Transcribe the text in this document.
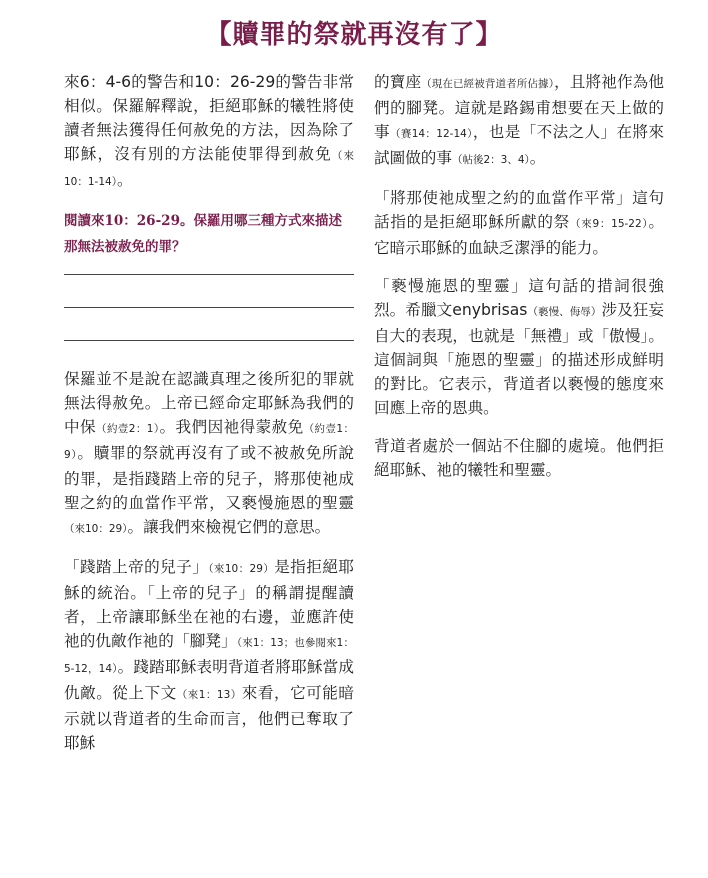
【贖罪的祭就再沒有了】

來6：4-6的警告和10：26-29的警告非常相似。保羅解釋說，拒絕耶穌的犧牲將使讀者無法獲得任何赦免的方法，因為除了耶穌，沒有別的方法能使罪得到赦免（來10：1-14）。

閱讀來10：26-29。保羅用哪三種方式來描述那無法被赦免的罪？

保羅並不是說在認識真理之後所犯的罪就無法得赦免。上帝已經命定耶穌為我們的中保（約壹2：1）。我們因祂得蒙赦免（約壹1：9）。贖罪的祭就再沒有了或不被赦免所說的罪，是指踐踏上帝的兒子，將那使祂成聖之約的血當作平常，又褻慢施恩的聖靈（來10：29）。讓我們來檢視它們的意思。

「踐踏上帝的兒子」（來10：29）是指拒絕耶穌的統治。「上帝的兒子」的稱謂提醒讀者，上帝讓耶穌坐在祂的右邊，並應許使祂的仇敵作祂的「腳凳」（來1：13；也參閱來1：5-12，14）。踐踏耶穌表明背道者將耶穌當成仇敵。從上下文（來1：13）來看，它可能暗示就以背道者的生命而言，他們已奪取了耶穌

的寶座（現在已經被背道者所佔據），且將祂作為他們的腳凳。這就是路錫甫想要在天上做的事（賽14：12-14），也是「不法之人」在將來試圖做的事（帖後2：3、4）。

「將那使祂成聖之約的血當作平常」這句話指的是拒絕耶穌所獻的祭（來9：15-22）。它暗示耶穌的血缺乏潔淨的能力。

「褻慢施恩的聖靈」這句話的措詞很強烈。希臘文enybrisas（褻慢、侮辱）涉及狂妄自大的表現，也就是「無禮」或「傲慢」。這個詞與「施恩的聖靈」的描述形成鮮明的對比。它表示，背道者以褻慢的態度來回應上帝的恩典。

背道者處於一個站不住腳的處境。他們拒絕耶穌、祂的犧牲和聖靈。
